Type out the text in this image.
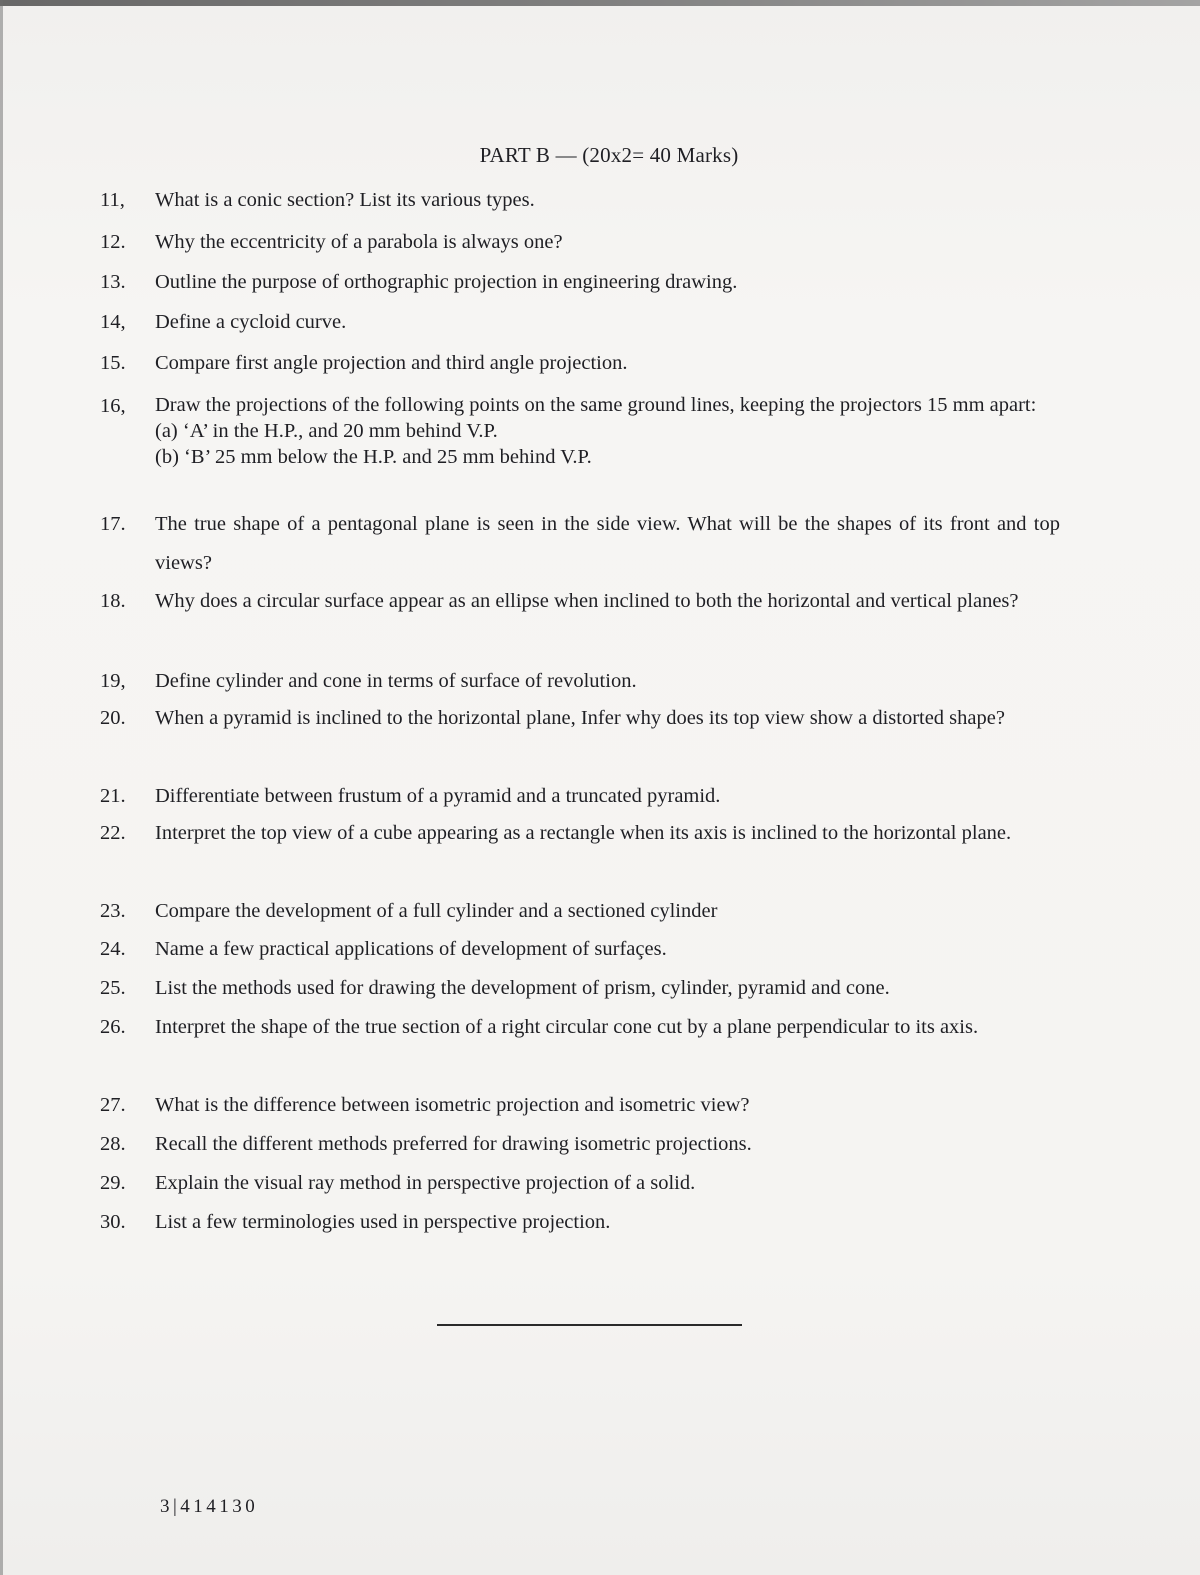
PART B — (20x2= 40 Marks)
11,	What is a conic section? List its various types.
12.	Why the eccentricity of a parabola is always one?
13.	Outline the purpose of orthographic projection in engineering drawing.
14,	Define a cycloid curve.
15.	Compare first angle projection and third angle projection.
16,	Draw the projections of the following points on the same ground lines, keeping the projectors 15 mm apart:
(a) ‘A’ in the H.P., and 20 mm behind V.P.
(b) ‘B’ 25 mm below the H.P. and 25 mm behind V.P.
17.	The true shape of a pentagonal plane is seen in the side view. What will be the shapes of its front and top views?
18.	Why does a circular surface appear as an ellipse when inclined to both the horizontal and vertical planes?
19,	Define cylinder and cone in terms of surface of revolution.
20.	When a pyramid is inclined to the horizontal plane, Infer why does its top view show a distorted shape?
21.	Differentiate between frustum of a pyramid and a truncated pyramid.
22.	Interpret the top view of a cube appearing as a rectangle when its axis is inclined to the horizontal plane.
23.	Compare the development of a full cylinder and a sectioned cylinder
24.	Name a few practical applications of development of surfaçes.
25.	List the methods used for drawing the development of prism, cylinder, pyramid and cone.
26.	Interpret the shape of the true section of a right circular cone cut by a plane perpendicular to its axis.
27.	What is the difference between isometric projection and isometric view?
28.	Recall the different methods preferred for drawing isometric projections.
29.	Explain the visual ray method in perspective projection of a solid.
30.	List a few terminologies used in perspective projection.
3|414130
